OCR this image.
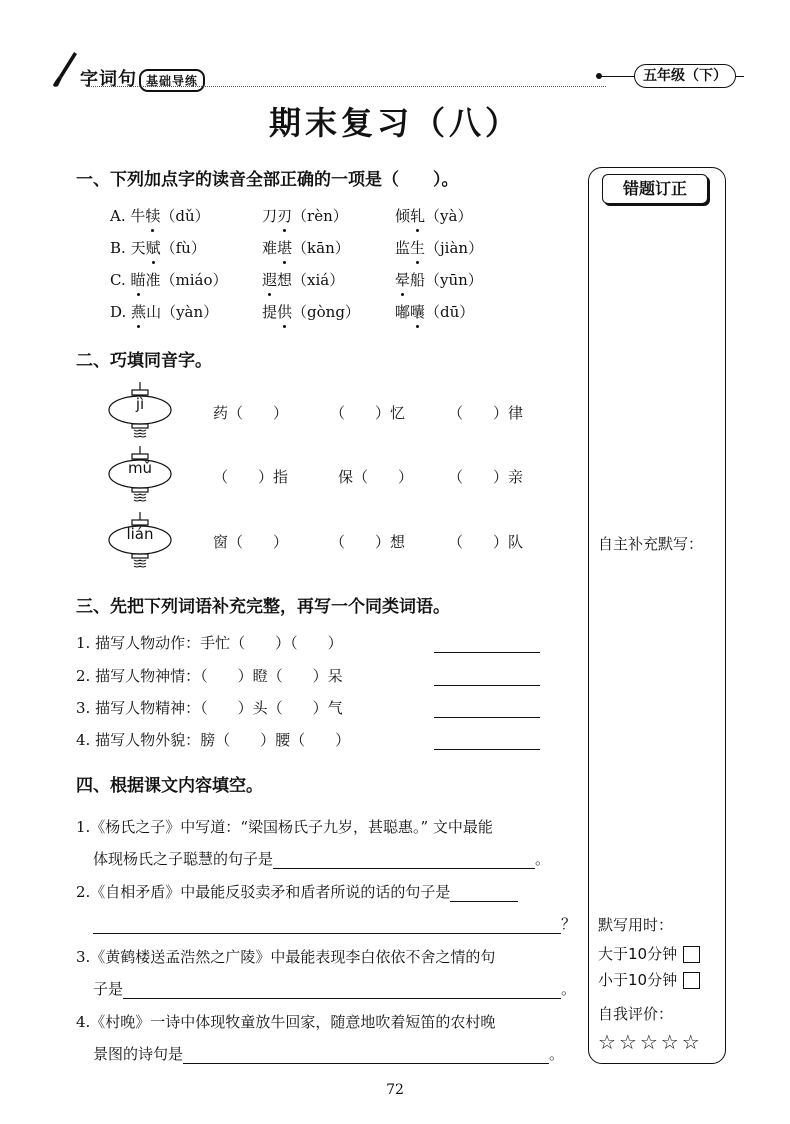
字词句 基础导练	五年级（下）
期末复习（八）
一、下列加点字的读音全部正确的一项是（　　）。
A. 牛犊（dǔ）	刀刃（rèn）	倾轧（yà）
B. 天赋（fù）	难堪（kān）	监生（jiàn）
C. 瞄准（miáo） 遐想（xiá）	晕船（yūn）
D. 燕山（yàn）	提供（gòng） 嘟囔（dū）
二、巧填同音字。
jì	药（　　）	（　　）忆	（　　）律
mǔ	（　　）指	保（　　） （　　）亲
lián	窗（　　）	（　　）想	（　　）队
三、先把下列词语补充完整，再写一个同类词语。
1. 描写人物动作：手忙（　　）（　　）
2. 描写人物神情：（　　）瞪（　　）呆
3. 描写人物精神：（　　）头（　　）气
4. 描写人物外貌：膀（　　）腰（　　）
四、根据课文内容填空。
1.《杨氏之子》中写道：“梁国杨氏子九岁，甚聪惠。” 文中最能
体现杨氏之子聪慧的句子是	。
2.《自相矛盾》中最能反驳卖矛和盾者所说的话的句子是
？
3.《黄鹤楼送孟浩然之广陵》中最能表现李白依依不舍之情的句
子是	。
4.《村晚》一诗中体现牧童放牛回家，随意地吹着短笛的农村晚
景图的诗句是	。
错题订正
自主补充默写：
默写用时：
大于10分钟
小于10分钟
自我评价：
☆☆☆☆☆
72
